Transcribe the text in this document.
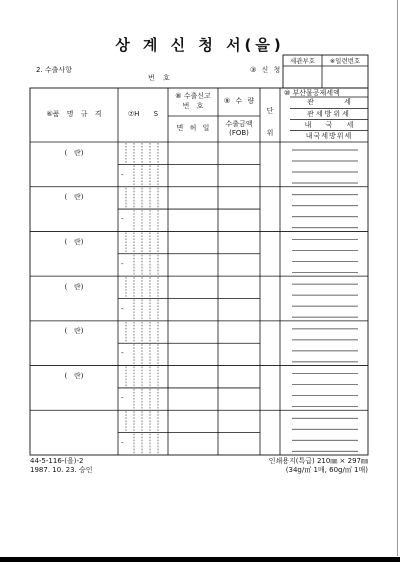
상 계 신 청 서(을)
세관부호	※일련번호
2. 수출사항
번 호
③ 신 청
⑥품 명 규 격	⑦H S
⑧ 수출신고
번 호
면 허 일
⑨ 수 량
수출금액
(FOB)
단
위
⑩ 부산물공제세액
관 세
관세방위세
내 국 세
내국세방위세
44-5-116-(을)-2
1987. 10. 23. 승인
인쇄용지(특급) 210㎜ × 297㎜
(34g/㎡ 1매, 60g/㎡ 1매)
(   란)
-
(   란)
-
(   란)
-
(   란)
-
(   란)
-
(   란)
-
-
